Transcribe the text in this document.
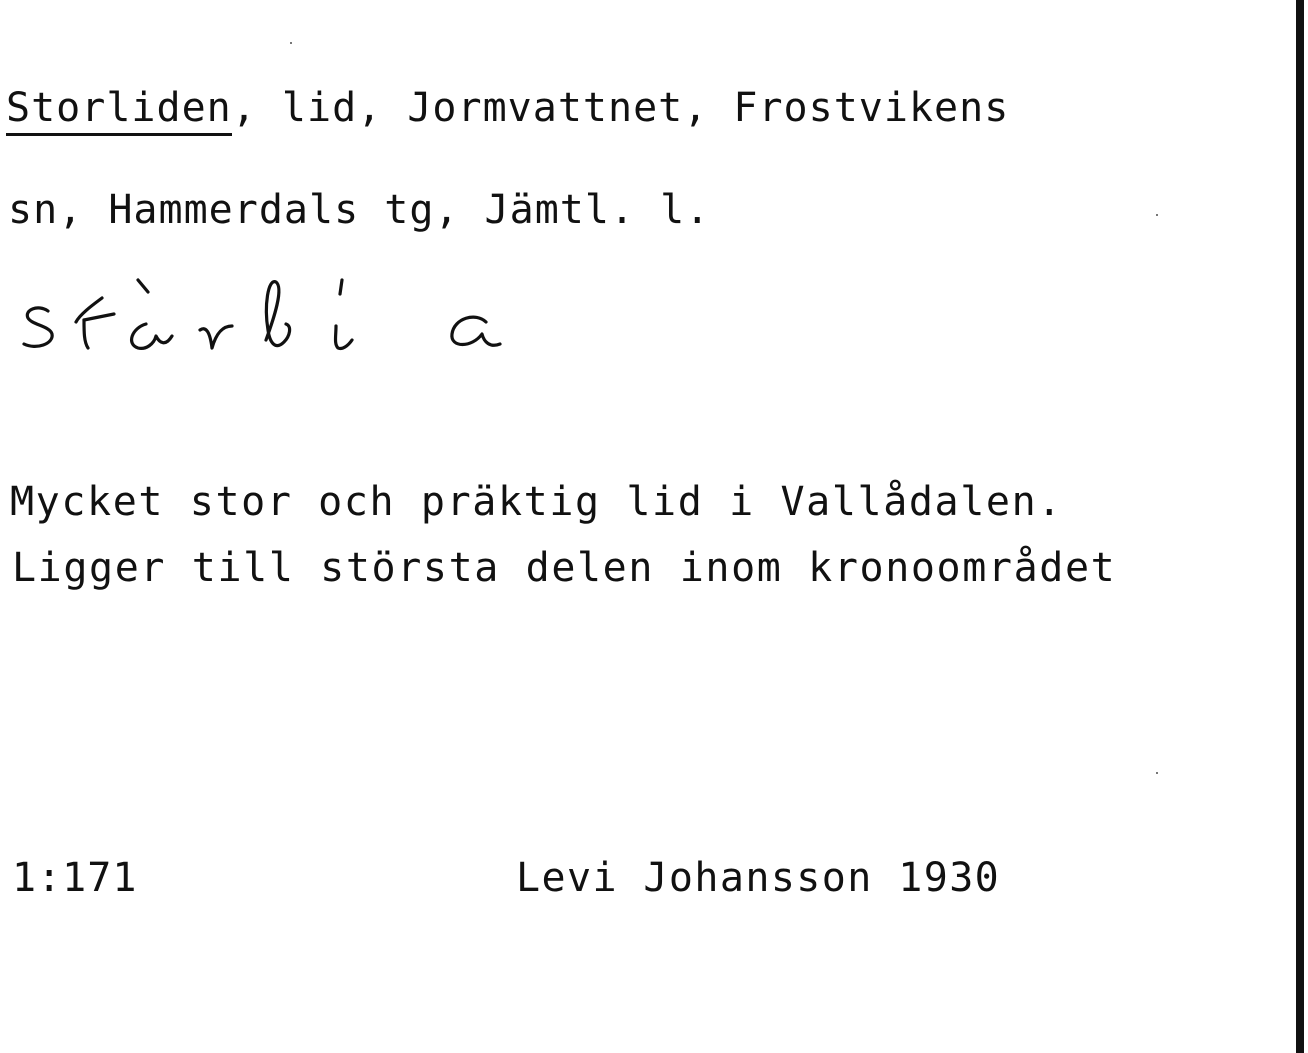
Storliden, lid, Jormvattnet, Frostvikens
sn, Hammerdals tg, Jämtl. l.
Mycket stor och präktig lid i Vallådalen.
Ligger till största delen inom kronoområdet
1:171	Levi Johansson 1930
